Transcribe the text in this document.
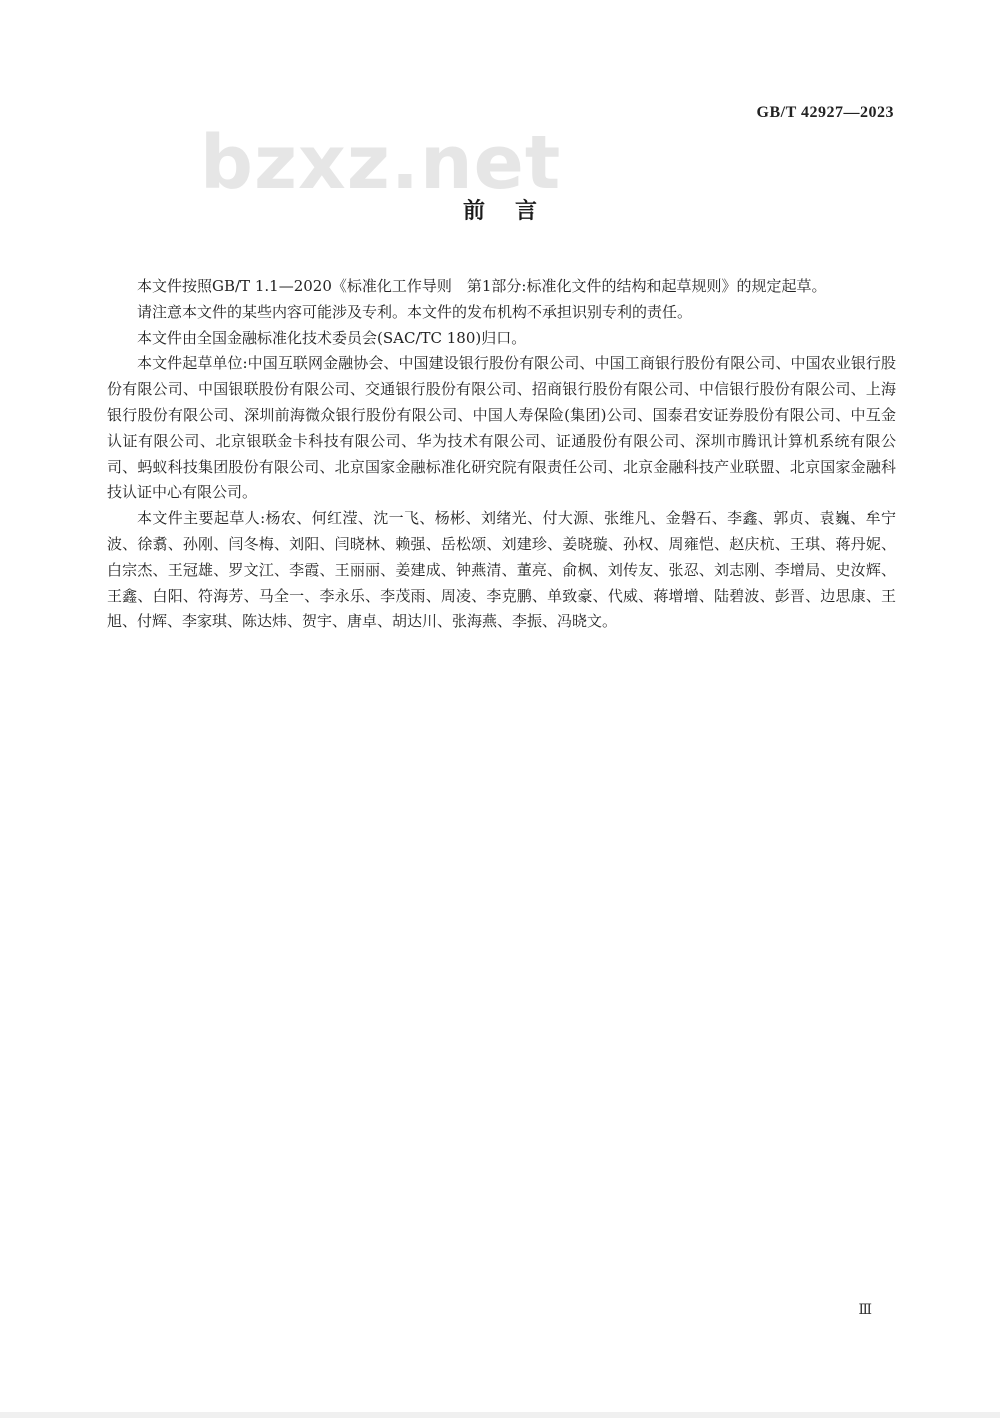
GB/T 42927—2023
bzxz.net
前言

本文件按照GB/T 1.1—2020《标准化工作导则　第1部分:标准化文件的结构和起草规则》的规定起草。

请注意本文件的某些内容可能涉及专利。本文件的发布机构不承担识别专利的责任。

本文件由全国金融标准化技术委员会(SAC/TC 180)归口。

本文件起草单位:中国互联网金融协会、中国建设银行股份有限公司、中国工商银行股份有限公司、中国农业银行股份有限公司、中国银联股份有限公司、交通银行股份有限公司、招商银行股份有限公司、中信银行股份有限公司、上海银行股份有限公司、深圳前海微众银行股份有限公司、中国人寿保险(集团)公司、国泰君安证券股份有限公司、中互金认证有限公司、北京银联金卡科技有限公司、华为技术有限公司、证通股份有限公司、深圳市腾讯计算机系统有限公司、蚂蚁科技集团股份有限公司、北京国家金融标准化研究院有限责任公司、北京金融科技产业联盟、北京国家金融科技认证中心有限公司。

本文件主要起草人:杨农、何红滢、沈一飞、杨彬、刘绪光、付大源、张维凡、金磐石、李鑫、郭贞、袁巍、牟宁波、徐翥、孙刚、闫冬梅、刘阳、闫晓林、赖强、岳松颂、刘建珍、姜晓璇、孙权、周雍恺、赵庆杭、王琪、蒋丹妮、白宗杰、王冠雄、罗文江、李霞、王丽丽、姜建成、钟燕清、董亮、俞枫、刘传友、张忍、刘志刚、李增局、史汝辉、王鑫、白阳、符海芳、马全一、李永乐、李茂雨、周凌、李克鹏、单致豪、代威、蒋增增、陆碧波、彭晋、边思康、王旭、付辉、李家琪、陈达炜、贺宇、唐卓、胡达川、张海燕、李振、冯晓文。

Ⅲ
